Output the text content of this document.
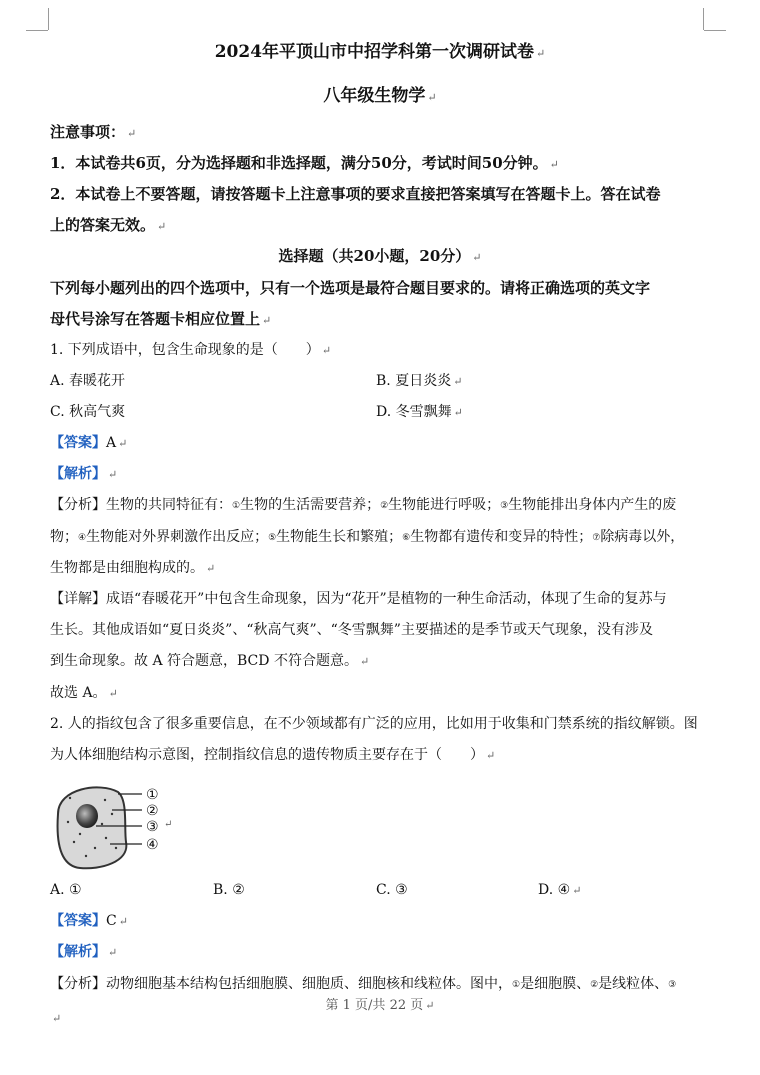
2024年平顶山市中招学科第一次调研试卷 ↵
八年级生物学 ↵
注意事项： ↵
1．本试卷共6页，分为选择题和非选择题，满分50分，考试时间50分钟。 ↵
2．本试卷上不要答题，请按答题卡上注意事项的要求直接把答案填写在答题卡上。答在试卷
上的答案无效。 ↵
选择题（共20小题，20分） ↵
下列每小题列出的四个选项中，只有一个选项是最符合题目要求的。请将正确选项的英文字
母代号涂写在答题卡相应位置上 ↵
1. 下列成语中，包含生命现象的是（　　） ↵
A. 春暖花开	B. 夏日炎炎 ↵
C. 秋高气爽	D. 冬雪飘舞 ↵
【答案】A ↵
【解析】 ↵
【分析】生物的共同特征有：①生物的生活需要营养；②生物能进行呼吸；③生物能排出身体内产生的废
物；④生物能对外界刺激作出反应；⑤生物能生长和繁殖；⑥生物都有遗传和变异的特性；⑦除病毒以外，
生物都是由细胞构成的。 ↵
【详解】成语“春暖花开”中包含生命现象，因为“花开”是植物的一种生命活动，体现了生命的复苏与
生长。其他成语如“夏日炎炎”、“秋高气爽”、“冬雪飘舞”主要描述的是季节或天气现象，没有涉及
到生命现象。故 A 符合题意，BCD 不符合题意。 ↵
故选 A。 ↵
2. 人的指纹包含了很多重要信息，在不少领域都有广泛的应用，比如用于收集和门禁系统的指纹解锁。图
为人体细胞结构示意图，控制指纹信息的遗传物质主要存在于（　　） ↵
①
②
③
④
↵
A. ①	B. ②	C. ③	D. ④ ↵
【答案】C ↵
【解析】 ↵
【分析】动物细胞基本结构包括细胞膜、细胞质、细胞核和线粒体。图中，①是细胞膜、②是线粒体、③
第 1 页/共 22 页 ↵
↵
